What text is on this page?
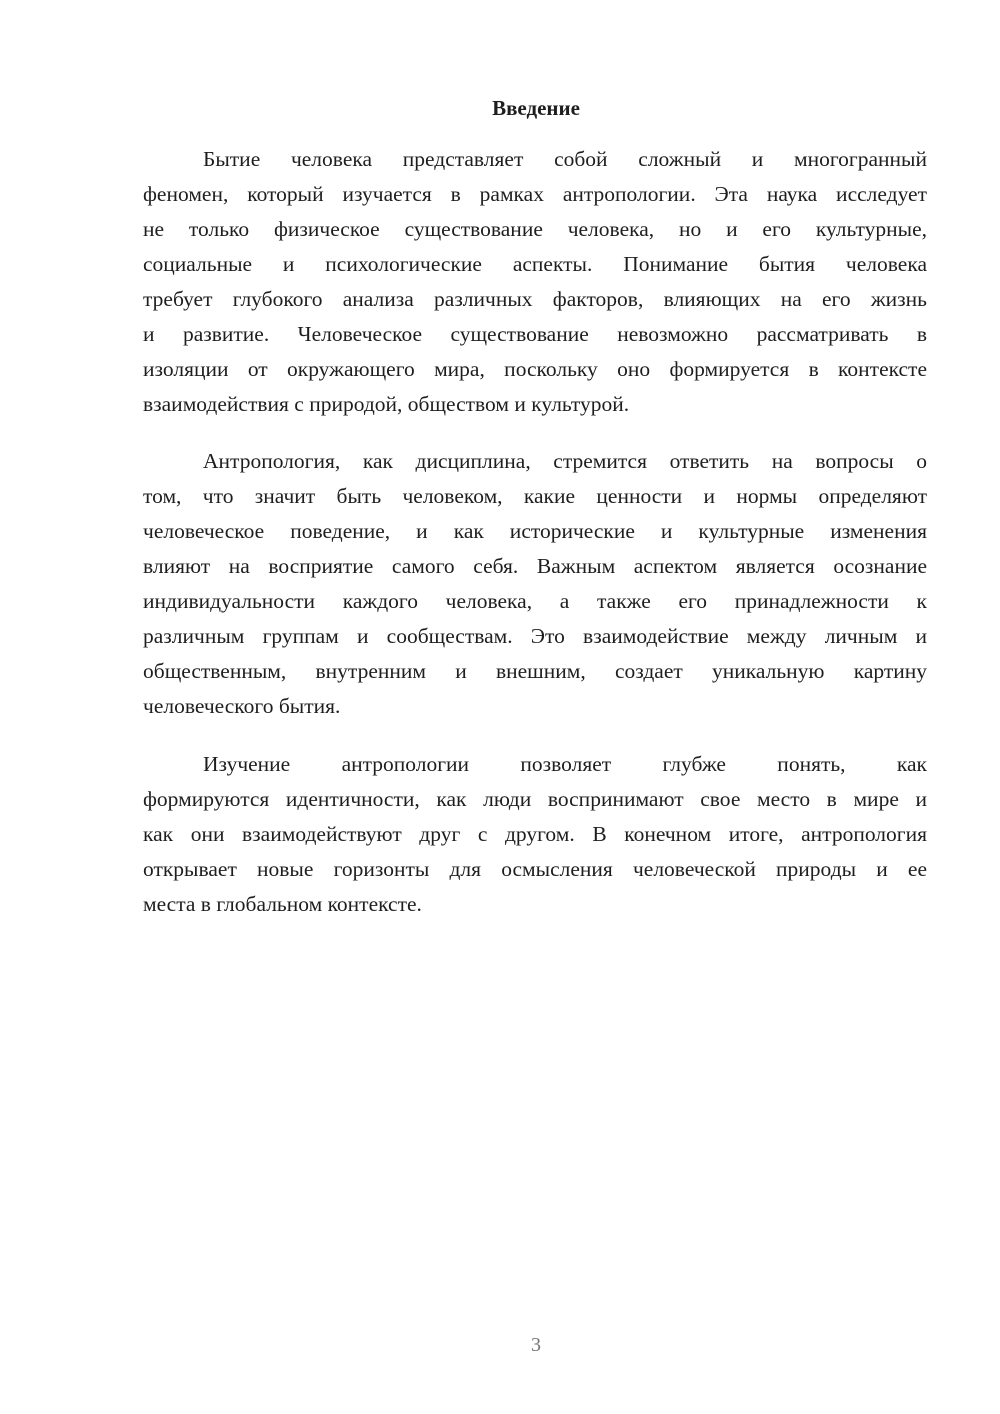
Введение
Бытие человека представляет собой сложный и многогранный
феномен, который изучается в рамках антропологии. Эта наука исследует
не только физическое существование человека, но и его культурные,
социальные и психологические аспекты. Понимание бытия человека
требует глубокого анализа различных факторов, влияющих на его жизнь
и развитие. Человеческое существование невозможно рассматривать в
изоляции от окружающего мира, поскольку оно формируется в контексте
взаимодействия с природой, обществом и культурой.
Антропология, как дисциплина, стремится ответить на вопросы о
том, что значит быть человеком, какие ценности и нормы определяют
человеческое поведение, и как исторические и культурные изменения
влияют на восприятие самого себя. Важным аспектом является осознание
индивидуальности каждого человека, а также его принадлежности к
различным группам и сообществам. Это взаимодействие между личным и
общественным, внутренним и внешним, создает уникальную картину
человеческого бытия.
Изучение антропологии позволяет глубже понять, как
формируются идентичности, как люди воспринимают свое место в мире и
как они взаимодействуют друг с другом. В конечном итоге, антропология
открывает новые горизонты для осмысления человеческой природы и ее
места в глобальном контексте.
3
